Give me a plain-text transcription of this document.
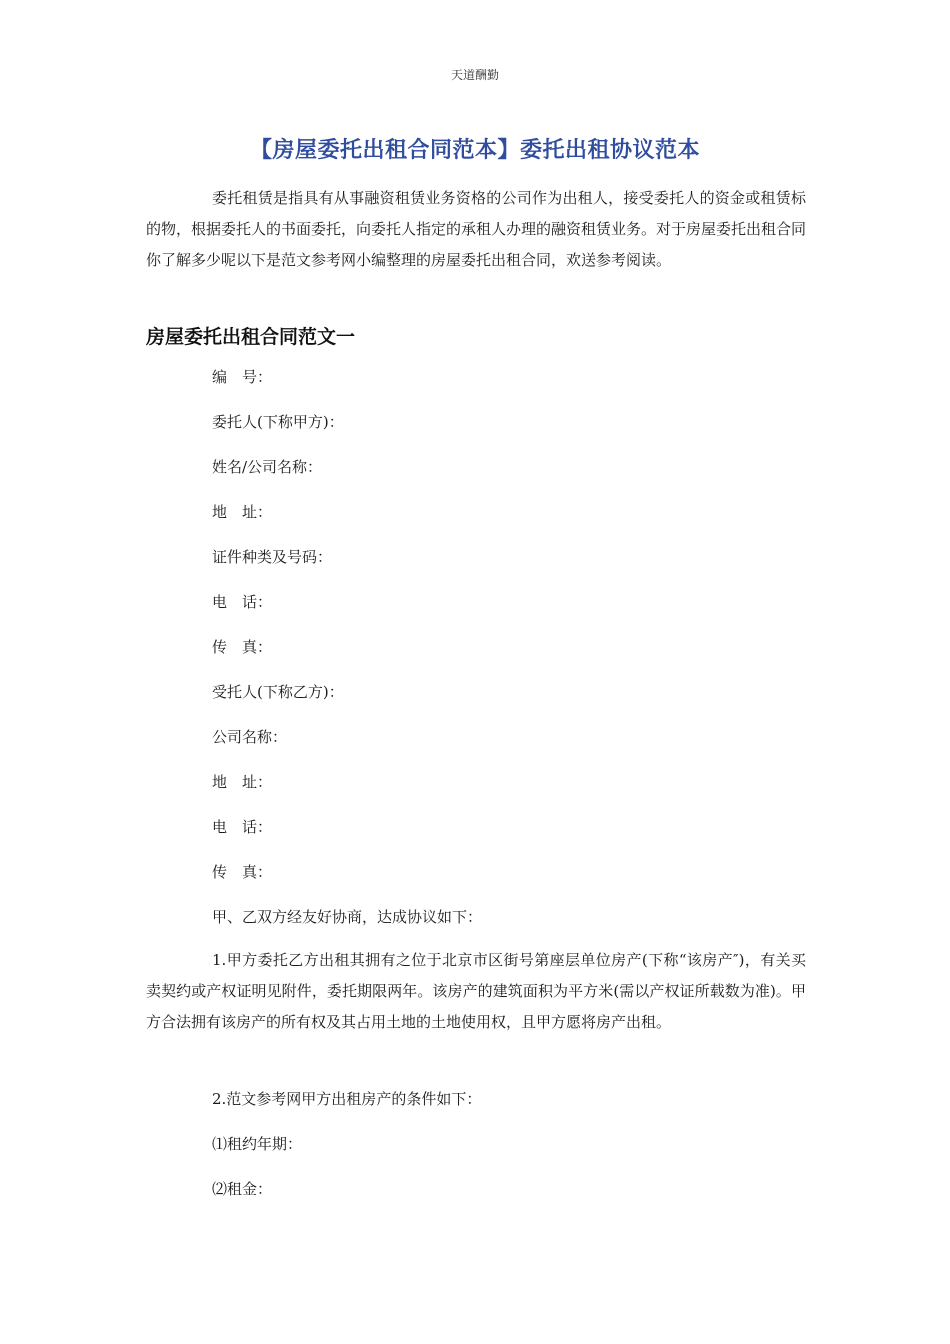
天道酬勤
【房屋委托出租合同范本】委托出租协议范本

委托租赁是指具有从事融资租赁业务资格的公司作为出租人，接受委托人的资金或租赁标的物，根据委托人的书面委托，向委托人指定的承租人办理的融资租赁业务。对于房屋委托出租合同你了解多少呢以下是范文参考网小编整理的房屋委托出租合同，欢送参考阅读。

房屋委托出租合同范文一

编　号：

委托人(下称甲方)：

姓名/公司名称：

地　址：

证件种类及号码：

电　话：

传　真：

受托人(下称乙方)：

公司名称：

地　址：

电　话：

传　真：

甲、乙双方经友好协商，达成协议如下：

1.甲方委托乙方出租其拥有之位于北京市区街号第座层单位房产(下称“该房产″)，有关买卖契约或产权证明见附件，委托期限两年。该房产的建筑面积为平方米(需以产权证所载数为准)。甲方合法拥有该房产的所有权及其占用土地的土地使用权，且甲方愿将房产出租。

2.范文参考网甲方出租房产的条件如下：

⑴租约年期：

⑵租金：
